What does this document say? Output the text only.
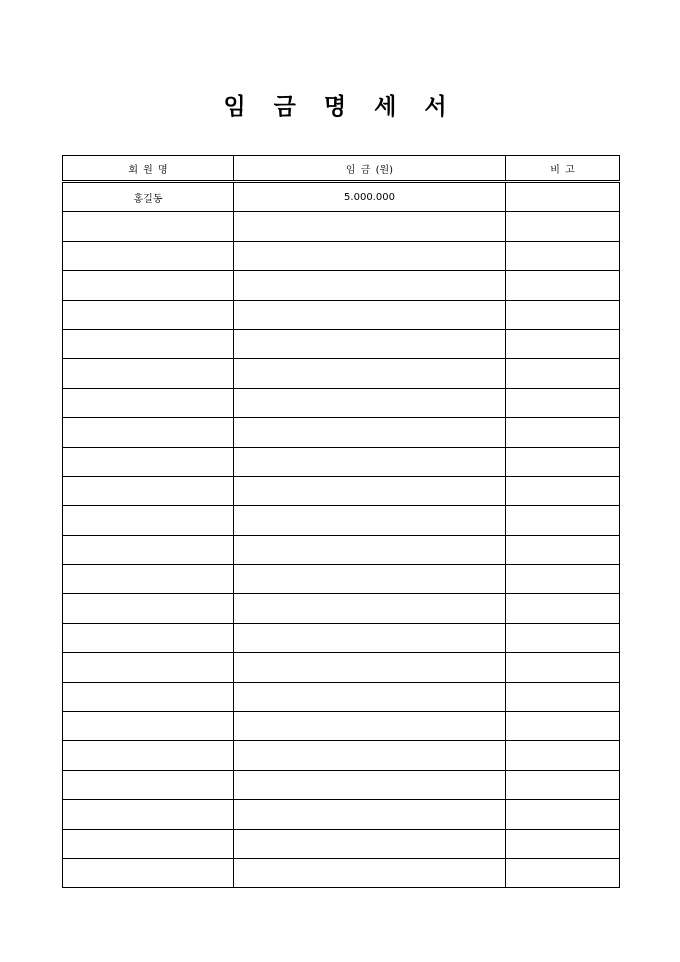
임 금 명 세 서
회 원 명	임 금 (원)	비 고
홍길동	5.000.000	
